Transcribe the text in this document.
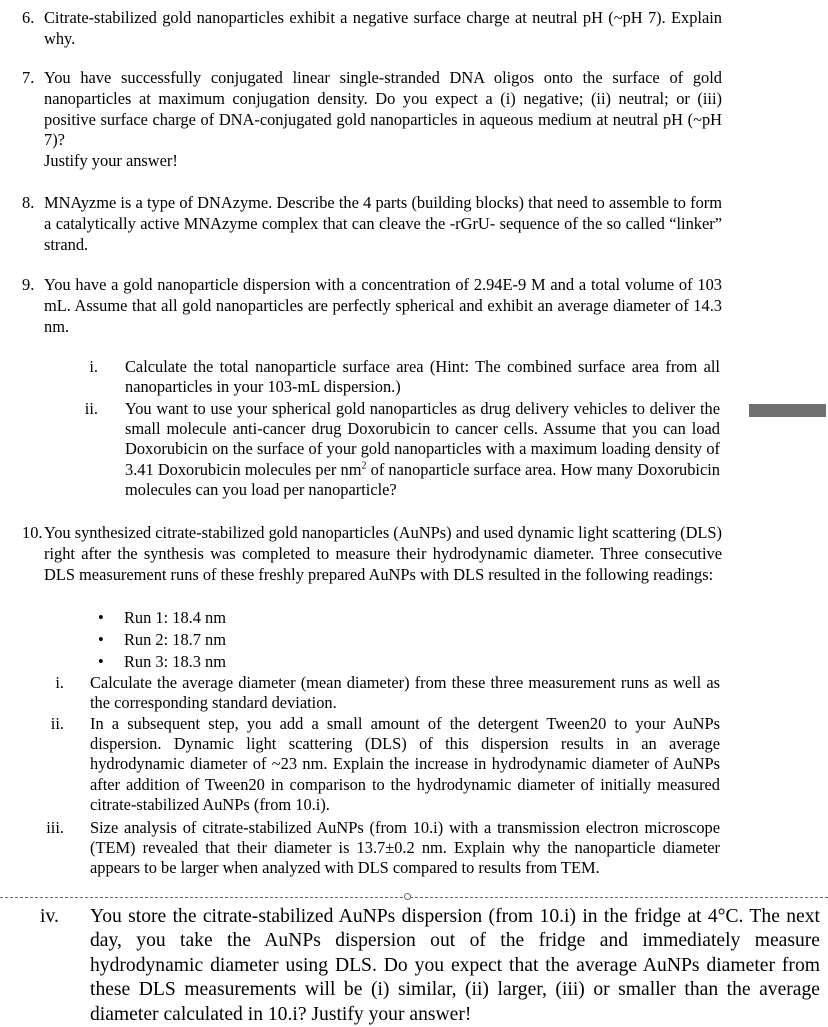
6. Citrate-stabilized gold nanoparticles exhibit a negative surface charge at neutral pH (~pH 7). Explain why.
7. You have successfully conjugated linear single-stranded DNA oligos onto the surface of gold nanoparticles at maximum conjugation density. Do you expect a (i) negative; (ii) neutral; or (iii) positive surface charge of DNA-conjugated gold nanoparticles in aqueous medium at neutral pH (~pH 7)?
Justify your answer!
8. MNAyzme is a type of DNAzyme. Describe the 4 parts (building blocks) that need to assemble to form a catalytically active MNAzyme complex that can cleave the -rGrU- sequence of the so called “linker” strand.
9. You have a gold nanoparticle dispersion with a concentration of 2.94E-9 M and a total volume of 103 mL. Assume that all gold nanoparticles are perfectly spherical and exhibit an average diameter of 14.3 nm.
i. Calculate the total nanoparticle surface area (Hint: The combined surface area from all nanoparticles in your 103-mL dispersion.)
ii. You want to use your spherical gold nanoparticles as drug delivery vehicles to deliver the small molecule anti-cancer drug Doxorubicin to cancer cells. Assume that you can load Doxorubicin on the surface of your gold nanoparticles with a maximum loading density of 3.41 Doxorubicin molecules per $nm^2$ of nanoparticle surface area. How many Doxorubicin molecules can you load per nanoparticle?
10. You synthesized citrate-stabilized gold nanoparticles (AuNPs) and used dynamic light scattering (DLS) right after the synthesis was completed to measure their hydrodynamic diameter. Three consecutive DLS measurement runs of these freshly prepared AuNPs with DLS resulted in the following readings:
• Run 1: 18.4 nm
• Run 2: 18.7 nm
• Run 3: 18.3 nm
i. Calculate the average diameter (mean diameter) from these three measurement runs as well as the corresponding standard deviation.
ii. In a subsequent step, you add a small amount of the detergent Tween20 to your AuNPs dispersion. Dynamic light scattering (DLS) of this dispersion results in an average hydrodynamic diameter of ~23 nm. Explain the increase in hydrodynamic diameter of AuNPs after addition of Tween20 in comparison to the hydrodynamic diameter of initially measured citrate-stabilized AuNPs (from 10.i).
iii. Size analysis of citrate-stabilized AuNPs (from 10.i) with a transmission electron microscope (TEM) revealed that their diameter is 13.7±0.2 nm. Explain why the nanoparticle diameter appears to be larger when analyzed with DLS compared to results from TEM.
iv. You store the citrate-stabilized AuNPs dispersion (from 10.i) in the fridge at 4°C. The next day, you take the AuNPs dispersion out of the fridge and immediately measure hydrodynamic diameter using DLS. Do you expect that the average AuNPs diameter from these DLS measurements will be (i) similar, (ii) larger, (iii) or smaller than the average diameter calculated in 10.i? Justify your answer!
